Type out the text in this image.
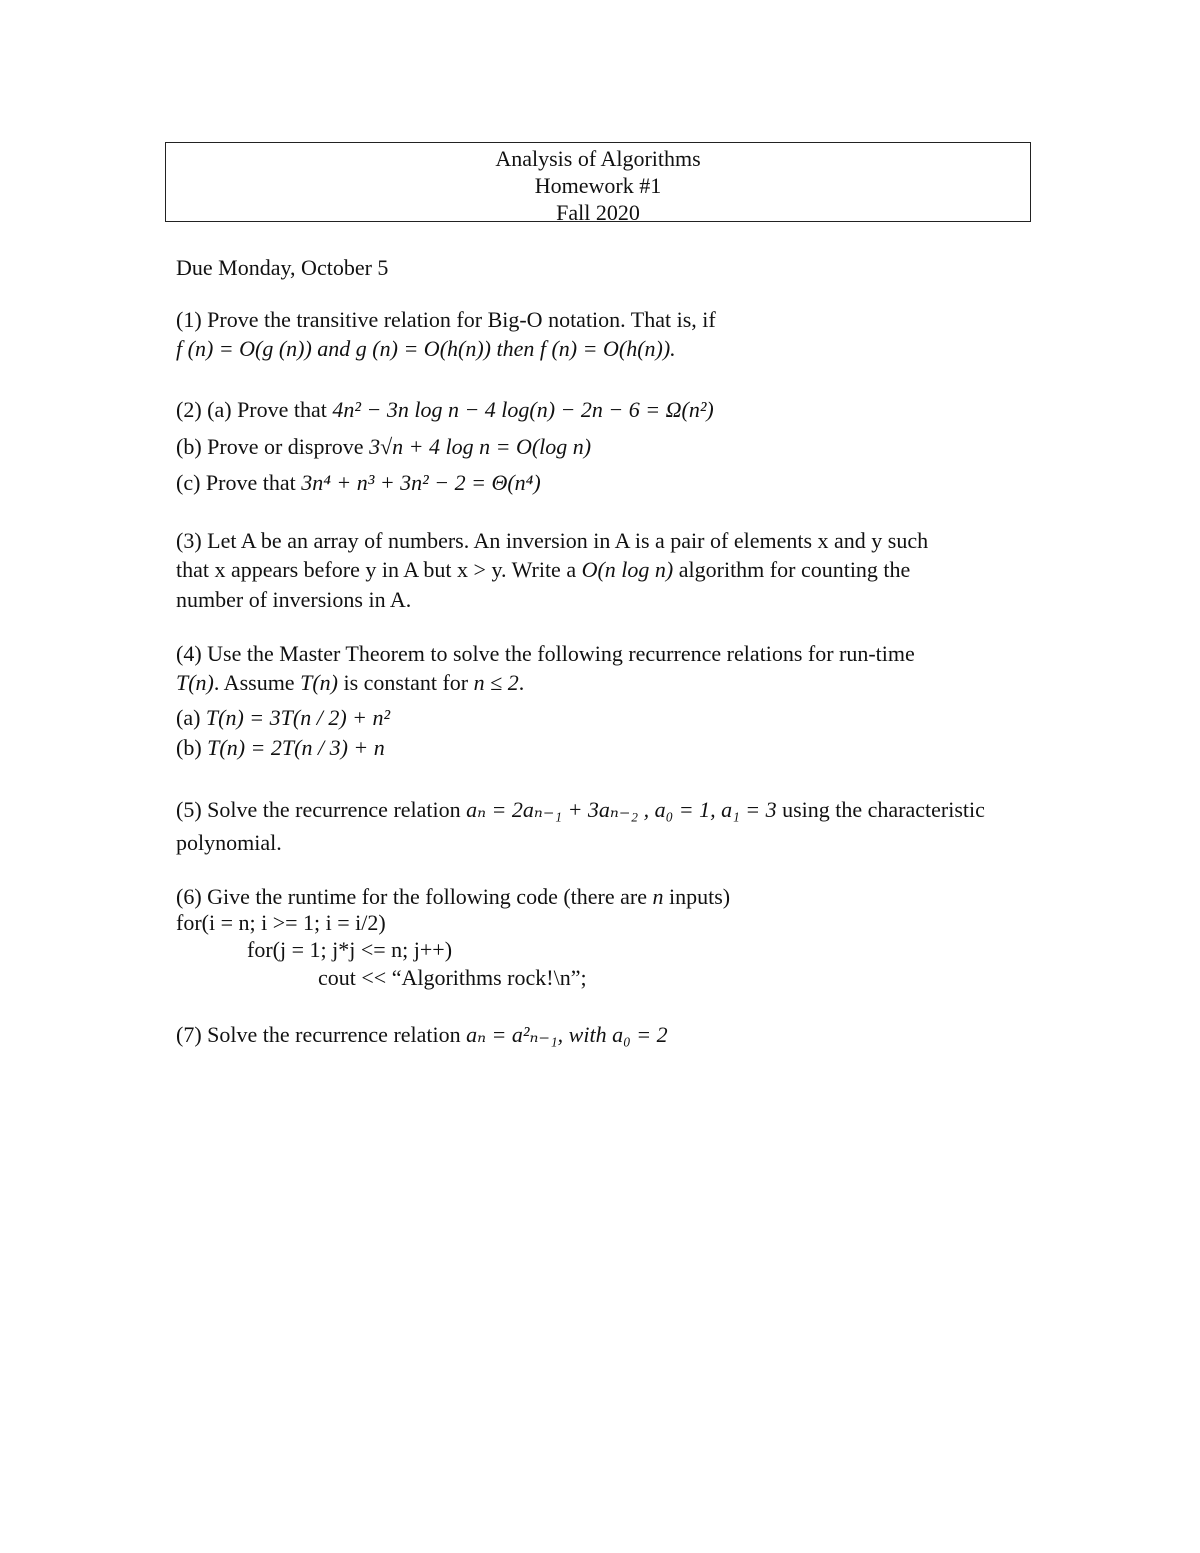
Analysis of Algorithms
Homework #1
Fall 2020
Due Monday, October 5
(1) Prove the transitive relation for Big-O notation. That is, if
f (n) = O(g (n)) and g (n) = O(h(n)) then f (n) = O(h(n)).
(2) (a) Prove that 4n² − 3n log n − 4 log(n) − 2n − 6 = Ω(n²)
(b) Prove or disprove 3√n + 4 log n = O(log n)
(c) Prove that 3n⁴ + n³ + 3n² − 2 = Θ(n⁴)
(3) Let A be an array of numbers. An inversion in A is a pair of elements x and y such
that x appears before y in A but x > y. Write a O(n log n) algorithm for counting the
number of inversions in A.
(4) Use the Master Theorem to solve the following recurrence relations for run-time
T(n). Assume T(n) is constant for n ≤ 2.
(a) T(n) = 3T(n / 2) + n²
(b) T(n) = 2T(n / 3) + n
(5) Solve the recurrence relation aₙ = 2aₙ₋₁ + 3aₙ₋₂ , a₀ = 1, a₁ = 3 using the characteristic
polynomial.
(6) Give the runtime for the following code (there are n inputs)
for(i = n; i >= 1; i = i/2)
for(j = 1; j*j <= n; j++)
cout << “Algorithms rock!\n”;
(7) Solve the recurrence relation aₙ = a²ₙ₋₁, with a₀ = 2
